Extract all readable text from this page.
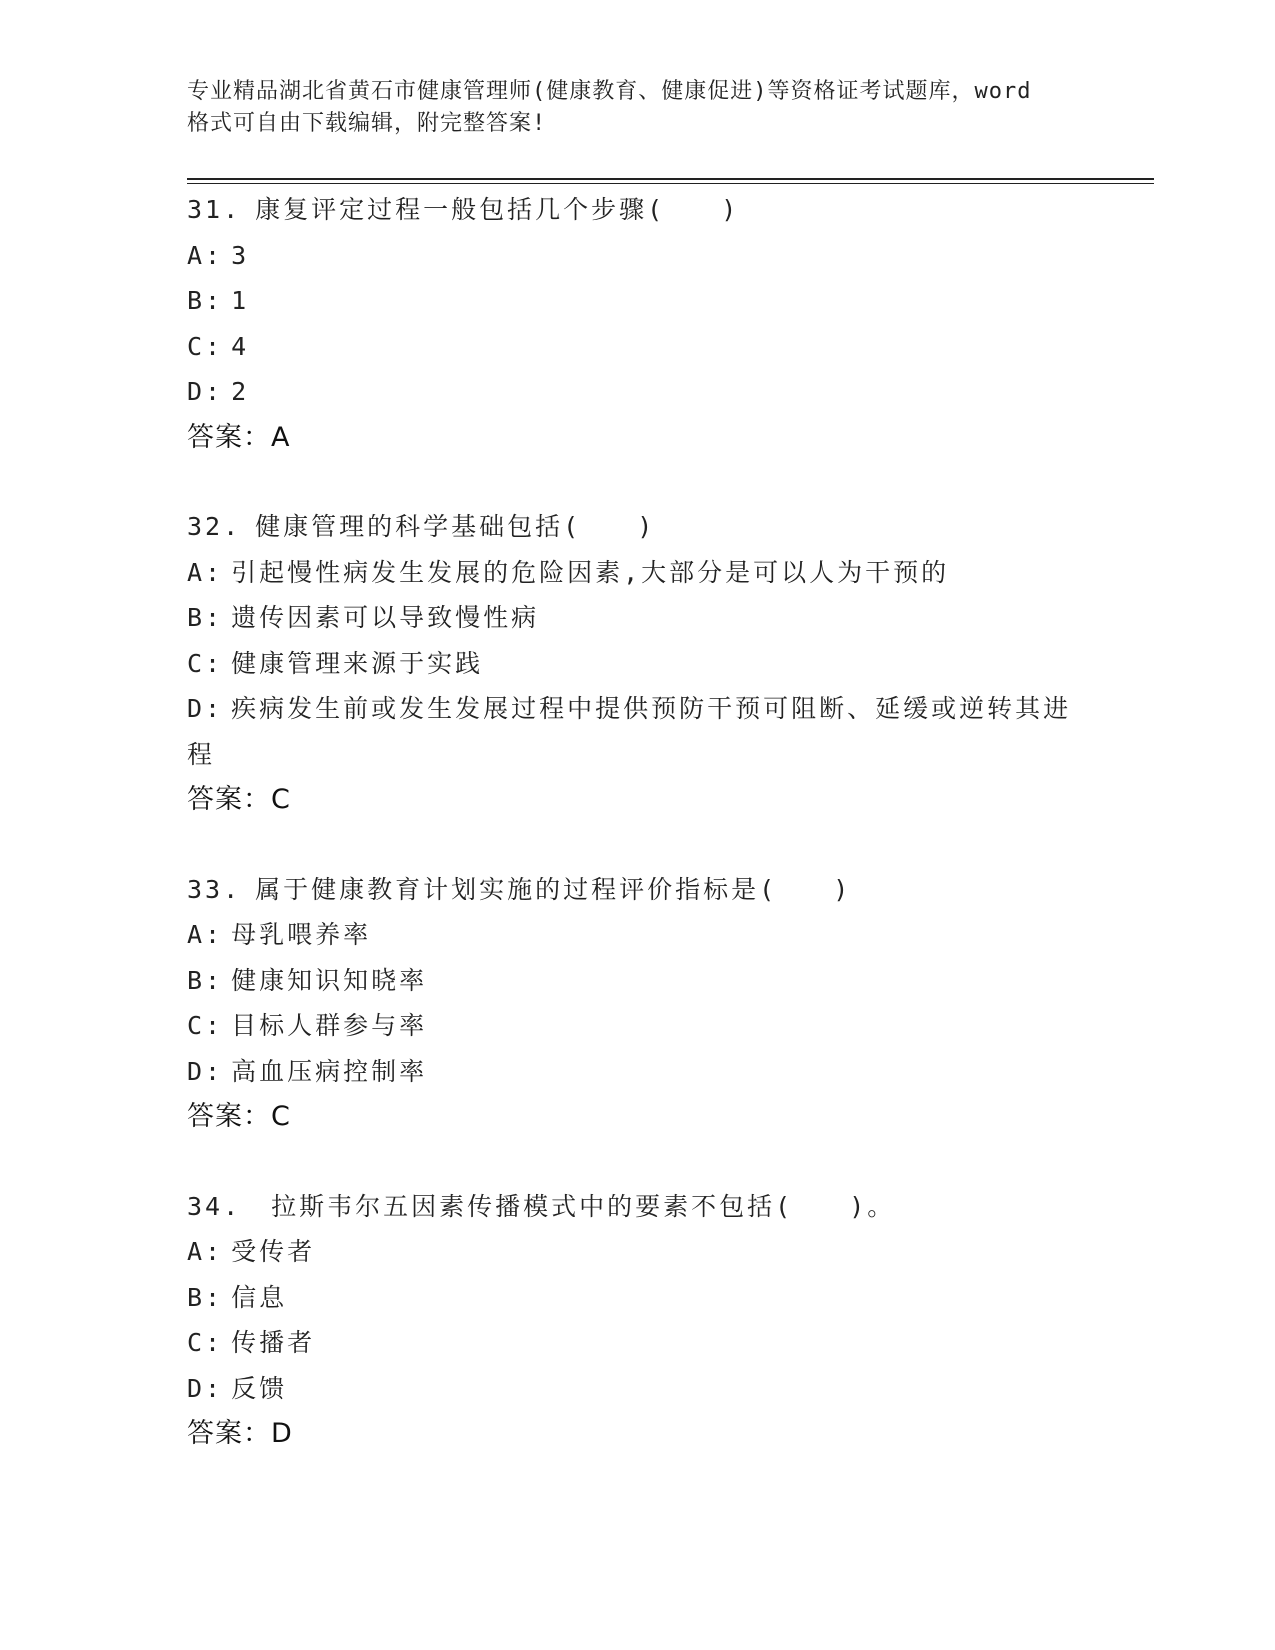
专业精品湖北省黄石市健康管理师(健康教育、健康促进)等资格证考试题库，word
格式可自由下载编辑，附完整答案!
31. 康复评定过程一般包括几个步骤(　　)
A: 3
B: 1
C: 4
D: 2
答案：A
32. 健康管理的科学基础包括(　　)
A: 引起慢性病发生发展的危险因素,大部分是可以人为干预的
B: 遗传因素可以导致慢性病
C: 健康管理来源于实践
D: 疾病发生前或发生发展过程中提供预防干预可阻断、延缓或逆转其进程
答案：C
33. 属于健康教育计划实施的过程评价指标是(　　)
A: 母乳喂养率
B: 健康知识知晓率
C: 目标人群参与率
D: 高血压病控制率
答案：C
34. 拉斯韦尔五因素传播模式中的要素不包括(　　)。
A: 受传者
B: 信息
C: 传播者
D: 反馈
答案：D
